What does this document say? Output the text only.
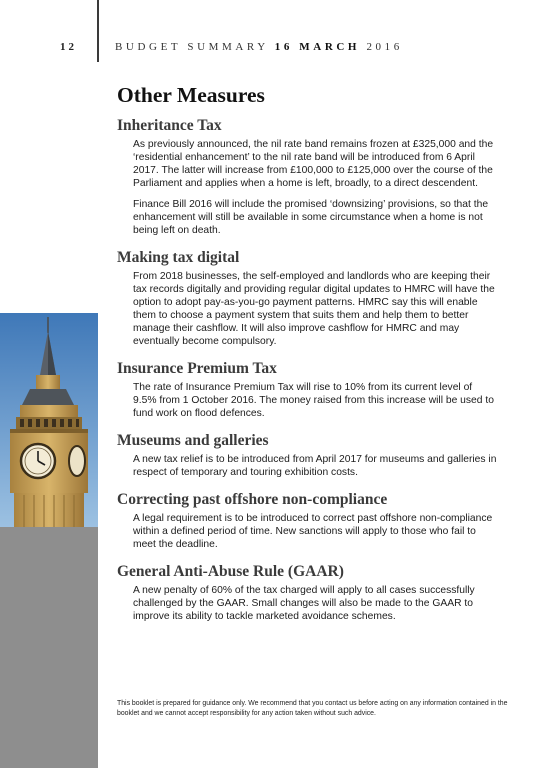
12	BUDGET SUMMARY 16 MARCH 2016
Other Measures
Inheritance Tax

As previously announced, the nil rate band remains frozen at £325,000 and the ‘residential enhancement’ to the nil rate band will be introduced from 6 April 2017. The latter will increase from £100,000 to £125,000 over the course of the Parliament and applies when a home is left, broadly, to a direct descendent.

Finance Bill 2016 will include the promised ‘downsizing’ provisions, so that the enhancement will still be available in some circumstance when a home is not being left on death.

Making tax digital

From 2018 businesses, the self-employed and landlords who are keeping their tax records digitally and providing regular digital updates to HMRC will have the option to adopt pay-as-you-go payment patterns. HMRC say this will enable them to choose a payment system that suits them and help them to better manage their cashflow. It will also improve cashflow for HMRC and may eventually become compulsory.

Insurance Premium Tax

The rate of Insurance Premium Tax will rise to 10% from its current level of 9.5% from 1 October 2016. The money raised from this increase will be used to fund work on flood defences.

Museums and galleries

A new tax relief is to be introduced from April 2017 for museums and galleries in respect of temporary and touring exhibition costs.

Correcting past offshore non-compliance

A legal requirement is to be introduced to correct past offshore non-compliance within a defined period of time. New sanctions will apply to those who fail to meet the deadline.

General Anti-Abuse Rule (GAAR)

A new penalty of 60% of the tax charged will apply to all cases successfully challenged by the GAAR. Small changes will also be made to the GAAR to improve its ability to tackle marketed avoidance schemes.

This booklet is prepared for guidance only. We recommend that you contact us before acting on any information contained in the booklet and we cannot accept responsibility for any action taken without such advice.
